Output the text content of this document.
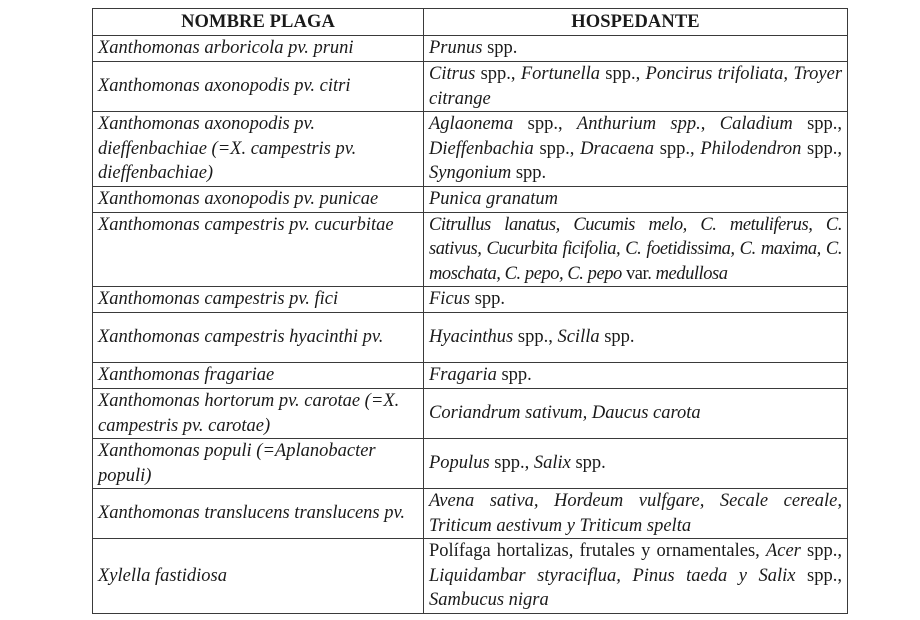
NOMBRE PLAGA	HOSPEDANTE
Xanthomonas arboricola pv. pruni	Prunus spp.
Xanthomonas axonopodis pv. citri	Citrus spp., Fortunella spp., Poncirus trifoliata, Troyer citrange
Xanthomonas axonopodis pv. dieffenbachiae (=X. campestris pv. dieffenbachiae)	Aglaonema spp., Anthurium spp., Caladium spp., Dieffenbachia spp., Dracaena spp., Philodendron spp., Syngonium spp.
Xanthomonas axonopodis pv. punicae	Punica granatum
Xanthomonas campestris pv. cucurbitae	Citrullus lanatus, Cucumis melo, C. metuliferus, C. sativus, Cucurbita ficifolia, C. foetidissima, C. maxima, C. moschata, C. pepo, C. pepo var. medullosa
Xanthomonas campestris pv. fici	Ficus spp.
Xanthomonas campestris hyacinthi pv.	Hyacinthus spp., Scilla spp.
Xanthomonas fragariae	Fragaria spp.
Xanthomonas hortorum pv. carotae (=X. campestris pv. carotae)	Coriandrum sativum, Daucus carota
Xanthomonas populi (=Aplanobacter populi)	Populus spp., Salix spp.
Xanthomonas translucens translucens pv.	Avena sativa, Hordeum vulfgare, Secale cereale, Triticum aestivum y Triticum spelta
Xylella fastidiosa	Polífaga hortalizas, frutales y ornamentales, Acer spp., Liquidambar styraciflua, Pinus taeda y Salix spp., Sambucus nigra
